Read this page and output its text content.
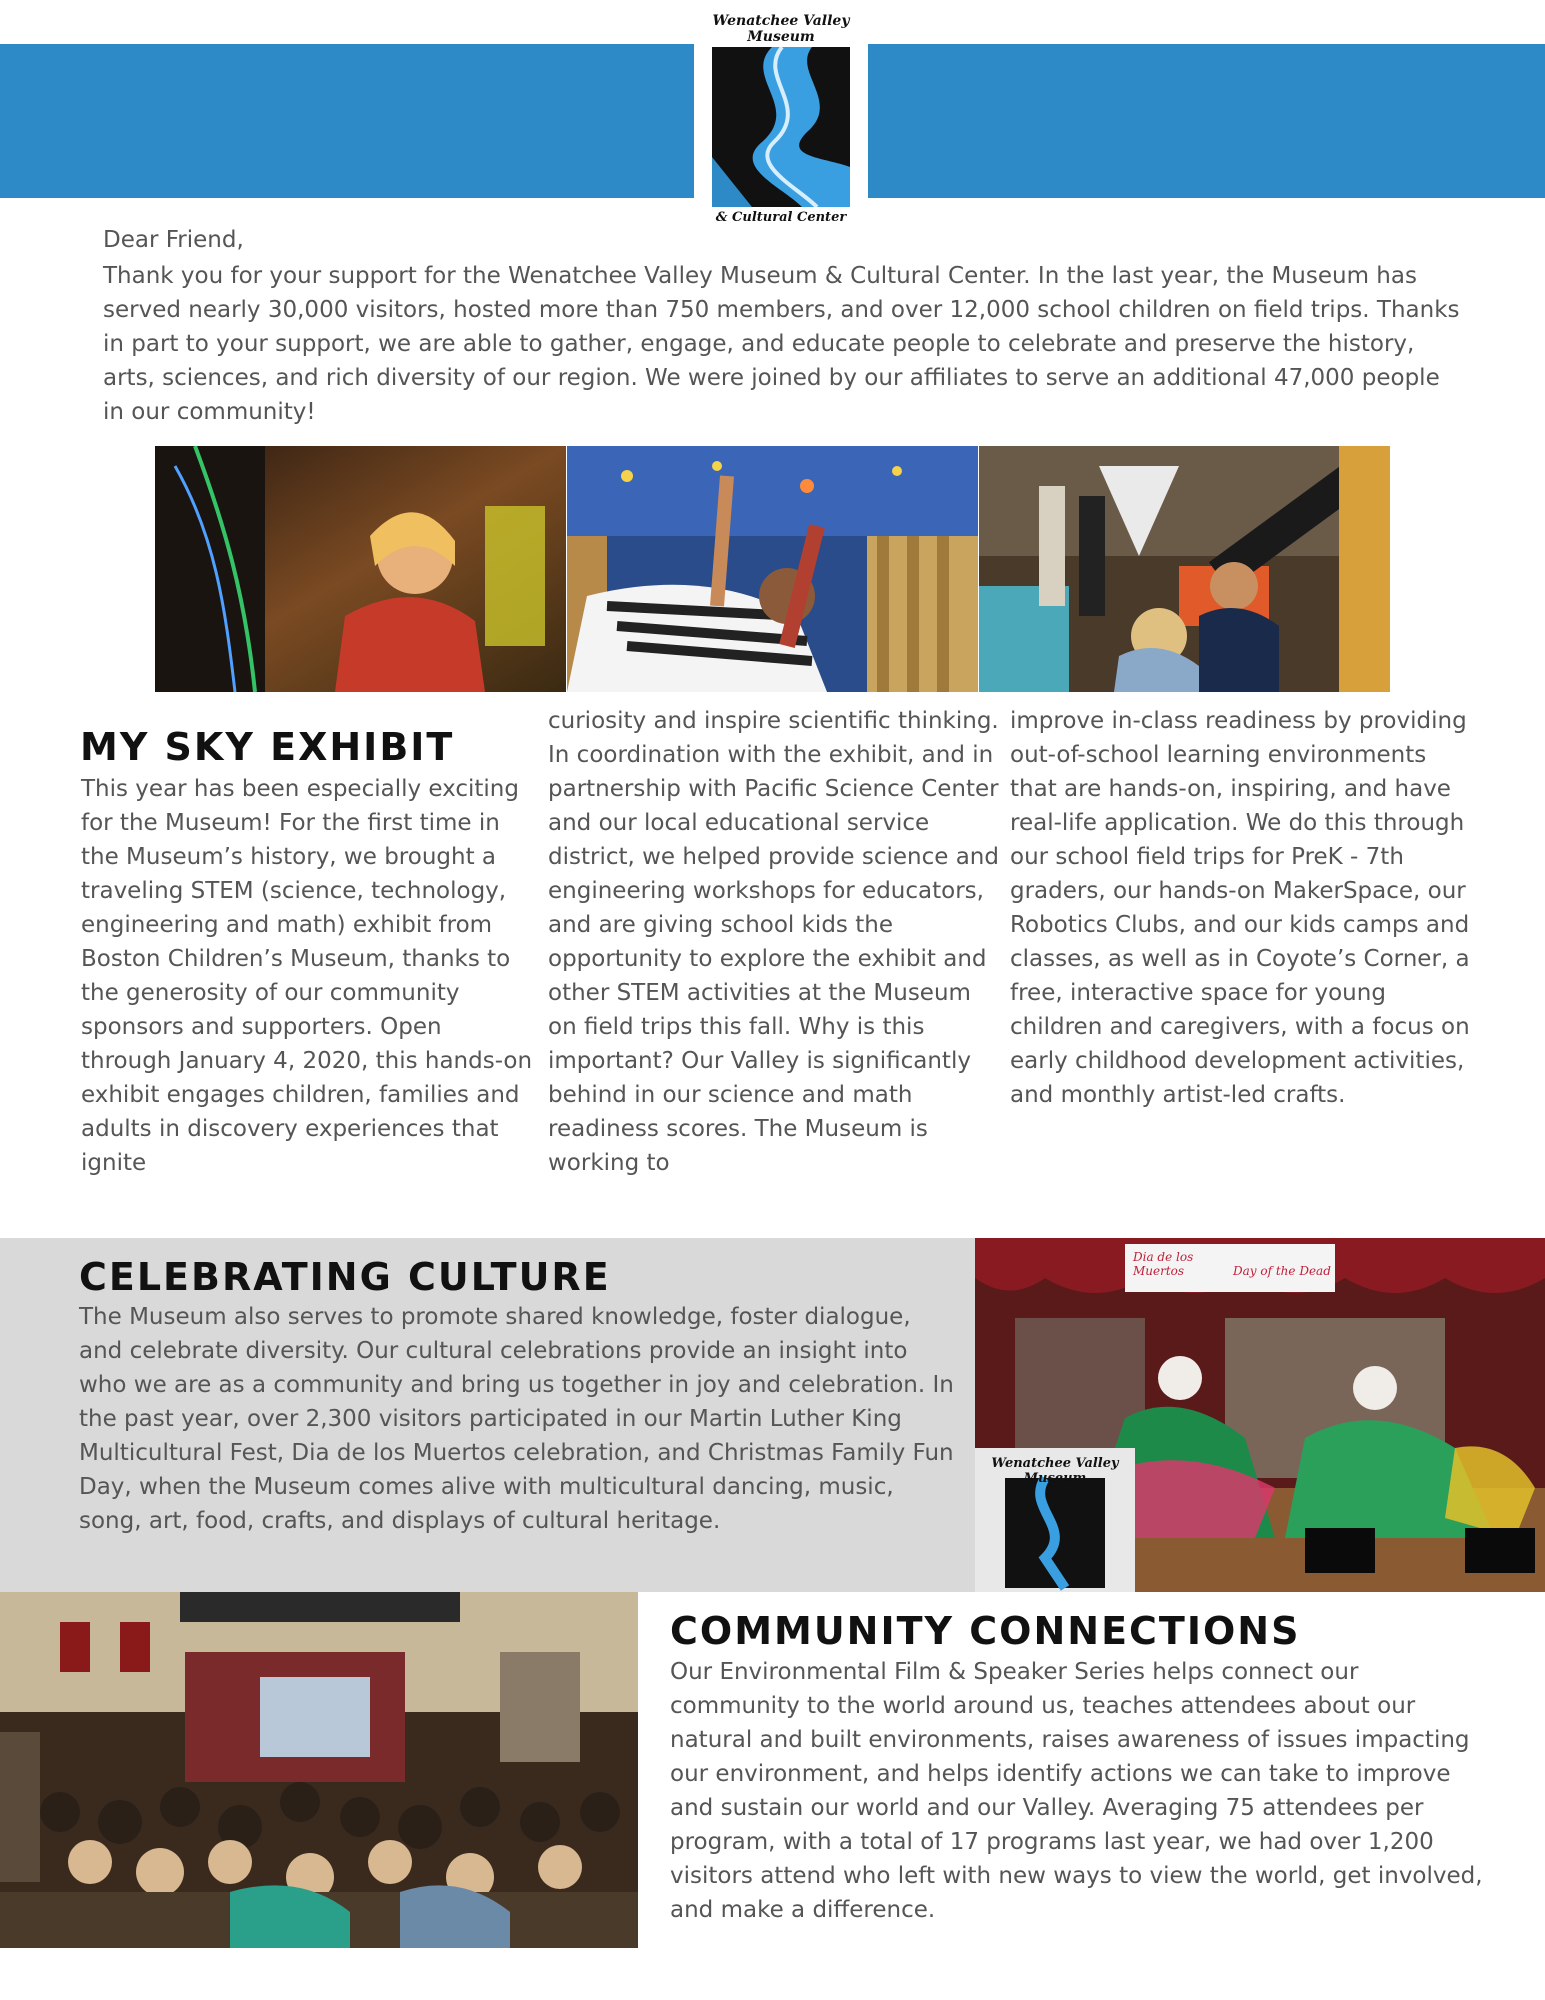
Wenatchee Valley
Museum
& Cultural Center

Dear Friend,

Thank you for your support for the Wenatchee Valley Museum & Cultural Center. In the last year, the Museum has served nearly 30,000 visitors, hosted more than 750 members, and over 12,000 school children on field trips. Thanks in part to your support, we are able to gather, engage, and educate people to celebrate and preserve the history, arts, sciences, and rich diversity of our region. We were joined by our affiliates to serve an additional 47,000 people in our community!

MY SKY EXHIBIT

This year has been especially exciting for the Museum! For the first time in the Museum’s history, we brought a traveling STEM (science, technology, engineering and math) exhibit from Boston Children’s Museum, thanks to the generosity of our community sponsors and supporters. Open through January 4, 2020, this hands-on exhibit engages children, families and adults in discovery experiences that ignite

curiosity and inspire scientific thinking. In coordination with the exhibit, and in partnership with Pacific Science Center and our local educational service district, we helped provide science and engineering workshops for educators, and are giving school kids the opportunity to explore the exhibit and other STEM activities at the Museum on field trips this fall. Why is this important? Our Valley is significantly behind in our science and math readiness scores. The Museum is working to

improve in-class readiness by providing out-of-school learning environments that are hands-on, inspiring, and have real-life application. We do this through our school field trips for PreK - 7th graders, our hands-on MakerSpace, our Robotics Clubs, and our kids camps and classes, as well as in Coyote’s Corner, a free, interactive space for young children and caregivers, with a focus on early childhood development activities, and monthly artist-led crafts.

CELEBRATING CULTURE

The Museum also serves to promote shared knowledge, foster dialogue, and celebrate diversity. Our cultural celebrations provide an insight into who we are as a community and bring us together in joy and celebration. In the past year, over 2,300 visitors participated in our Martin Luther King Multicultural Fest, Dia de los Muertos celebration, and Christmas Family Fun Day, when the Museum comes alive with multicultural dancing, music, song, art, food, crafts, and displays of cultural heritage.

Dia de los Muertos	Day of the Dead
Wenatchee Valley
Museum
COMMUNITY CONNECTIONS

Our Environmental Film & Speaker Series helps connect our community to the world around us, teaches attendees about our natural and built environments, raises awareness of issues impacting our environment, and helps identify actions we can take to improve and sustain our world and our Valley. Averaging 75 attendees per program, with a total of 17 programs last year, we had over 1,200 visitors attend who left with new ways to view the world, get involved, and make a difference.
